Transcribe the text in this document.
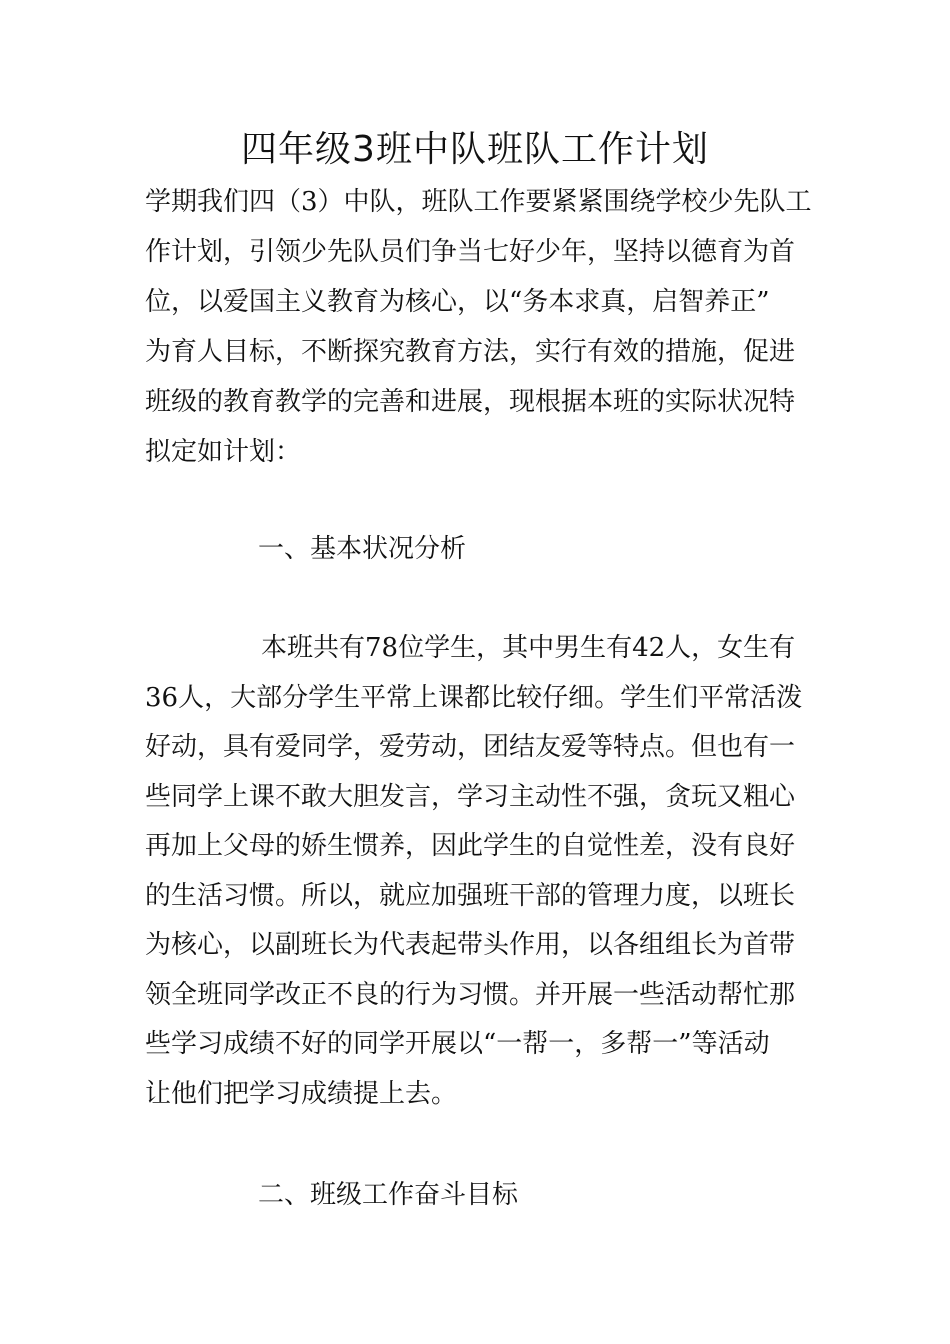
四年级3班中队班队工作计划

学期我们四（3）中队，班队工作要紧紧围绕学校少先队工
作计划，引领少先队员们争当七好少年，坚持以德育为首
位，以爱国主义教育为核心，以“务本求真，启智养正”
为育人目标，不断探究教育方法，实行有效的措施，促进
班级的教育教学的完善和进展，现根据本班的实际状况特
拟定如计划：

一、基本状况分析

本班共有78位学生，其中男生有42人，女生有
36人，大部分学生平常上课都比较仔细。学生们平常活泼
好动，具有爱同学，爱劳动，团结友爱等特点。但也有一
些同学上课不敢大胆发言，学习主动性不强，贪玩又粗心
再加上父母的娇生惯养，因此学生的自觉性差，没有良好
的生活习惯。所以，就应加强班干部的管理力度，以班长
为核心，以副班长为代表起带头作用，以各组组长为首带
领全班同学改正不良的行为习惯。并开展一些活动帮忙那
些学习成绩不好的同学开展以“一帮一，多帮一”等活动
让他们把学习成绩提上去。

二、班级工作奋斗目标
